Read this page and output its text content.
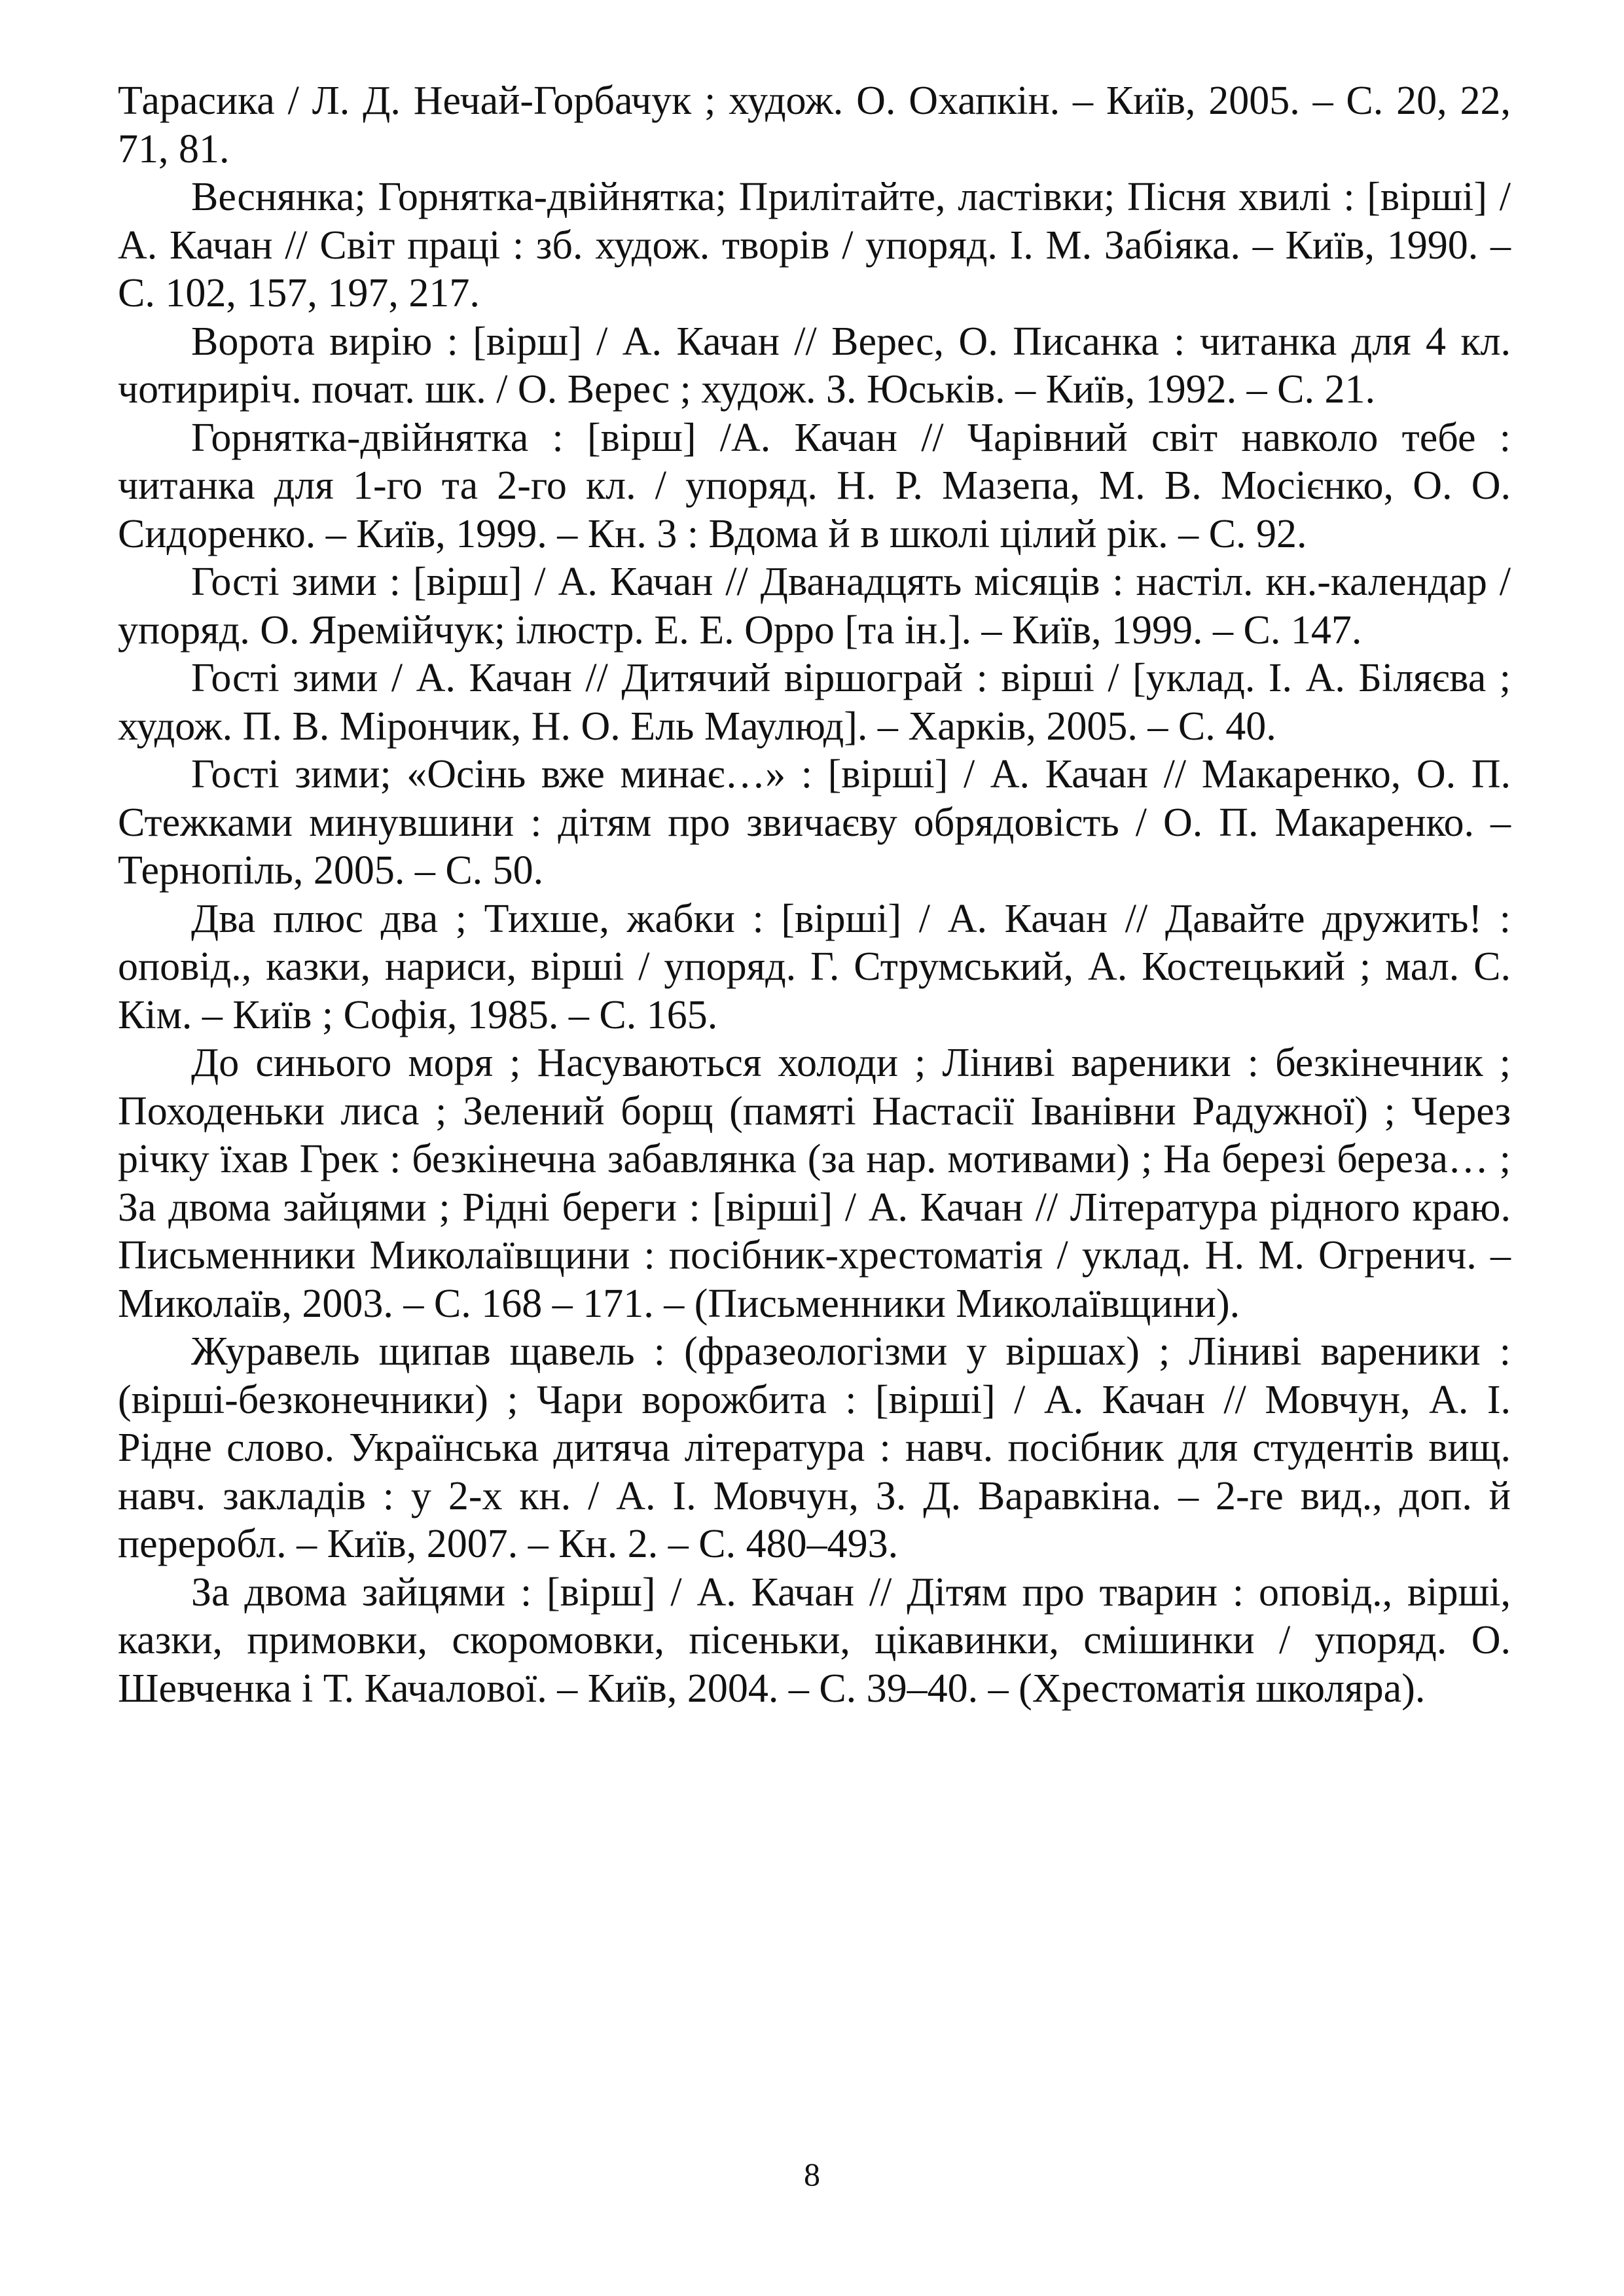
Тарасика / Л. Д. Нечай-Горбачук ; худож. О. Охапкін. – Київ, 2005. – С. 20, 22, 71, 81.

Веснянка; Горнятка-двійнятка; Прилітайте, ластівки; Пісня хвилі : [вірші] / А. Качан // Світ праці : зб. худож. творів / упоряд. І. М. Забіяка. – Київ, 1990. – С. 102, 157, 197, 217.

Ворота вирію : [вірш] / А. Качан // Верес, О. Писанка : читанка для 4 кл. чотириріч. почат. шк. / О. Верес ; худож. З. Юськів. – Київ, 1992. – С. 21.

Горнятка-двійнятка : [вірш] /А. Качан // Чарівний світ навколо тебе : читанка для 1-го та 2-го кл. / упоряд. Н. Р. Мазепа, М. В. Мосієнко, О. О. Сидоренко. – Київ, 1999. – Кн. 3 : Вдома й в школі цілий рік. – С. 92.

Гості зими : [вірш] / А. Качан // Дванадцять місяців : настіл. кн.-календар / упоряд. О. Яремійчук; ілюстр. Е. Е. Орро [та ін.]. – Київ, 1999. – С. 147.

Гості зими / А. Качан // Дитячий віршограй : вірші / [уклад. І. А. Біляєва ; худож. П. В. Мірончик, Н. О. Ель Маулюд]. – Харків, 2005. – С. 40.

Гості зими; «Осінь вже минає…» : [вірші] / А. Качан // Макаренко, О. П. Стежками минувшини : дітям про звичаєву обрядовість / О. П. Макаренко. – Тернопіль, 2005. – С. 50.

Два плюс два ; Тихше, жабки : [вірші] / А. Качан // Давайте дружить! : оповід., казки, нариси, вірші / упоряд. Г. Струмський, А. Костецький ; мал. С. Кім. – Київ ; Софія, 1985. – С. 165.

До синього моря ; Насуваються холоди ; Ліниві вареники : безкінечник ; Походеньки лиса ; Зелений борщ (памяті Настасії Іванівни Радужної) ; Через річку їхав Грек : безкінечна забавлянка (за нар. мотивами) ; На березі береза… ; За двома зайцями ; Рідні береги : [вірші] / А. Качан // Література рідного краю. Письменники Миколаївщини : посібник-хрестоматія / уклад. Н. М. Огренич. – Миколаїв, 2003. – С. 168 – 171. – (Письменники Миколаївщини).

Журавель щипав щавель : (фразеологізми у віршах) ; Ліниві вареники : (вірші-безконечники) ; Чари ворожбита : [вірші] / А. Качан // Мовчун, А. І. Рідне слово. Українська дитяча література : навч. посібник для студентів вищ. навч. закладів : у 2-х кн. / А. І. Мовчун, З. Д. Варавкіна. – 2-ге вид., доп. й переробл. – Київ, 2007. – Кн. 2. – С. 480–493.

За двома зайцями : [вірш] / А. Качан // Дітям про тварин : оповід., вірші, казки, примовки, скоромовки, пісеньки, цікавинки, смішинки / упоряд. О. Шевченка і Т. Качалової. – Київ, 2004. – С. 39–40. – (Хрестоматія школяра).

8
